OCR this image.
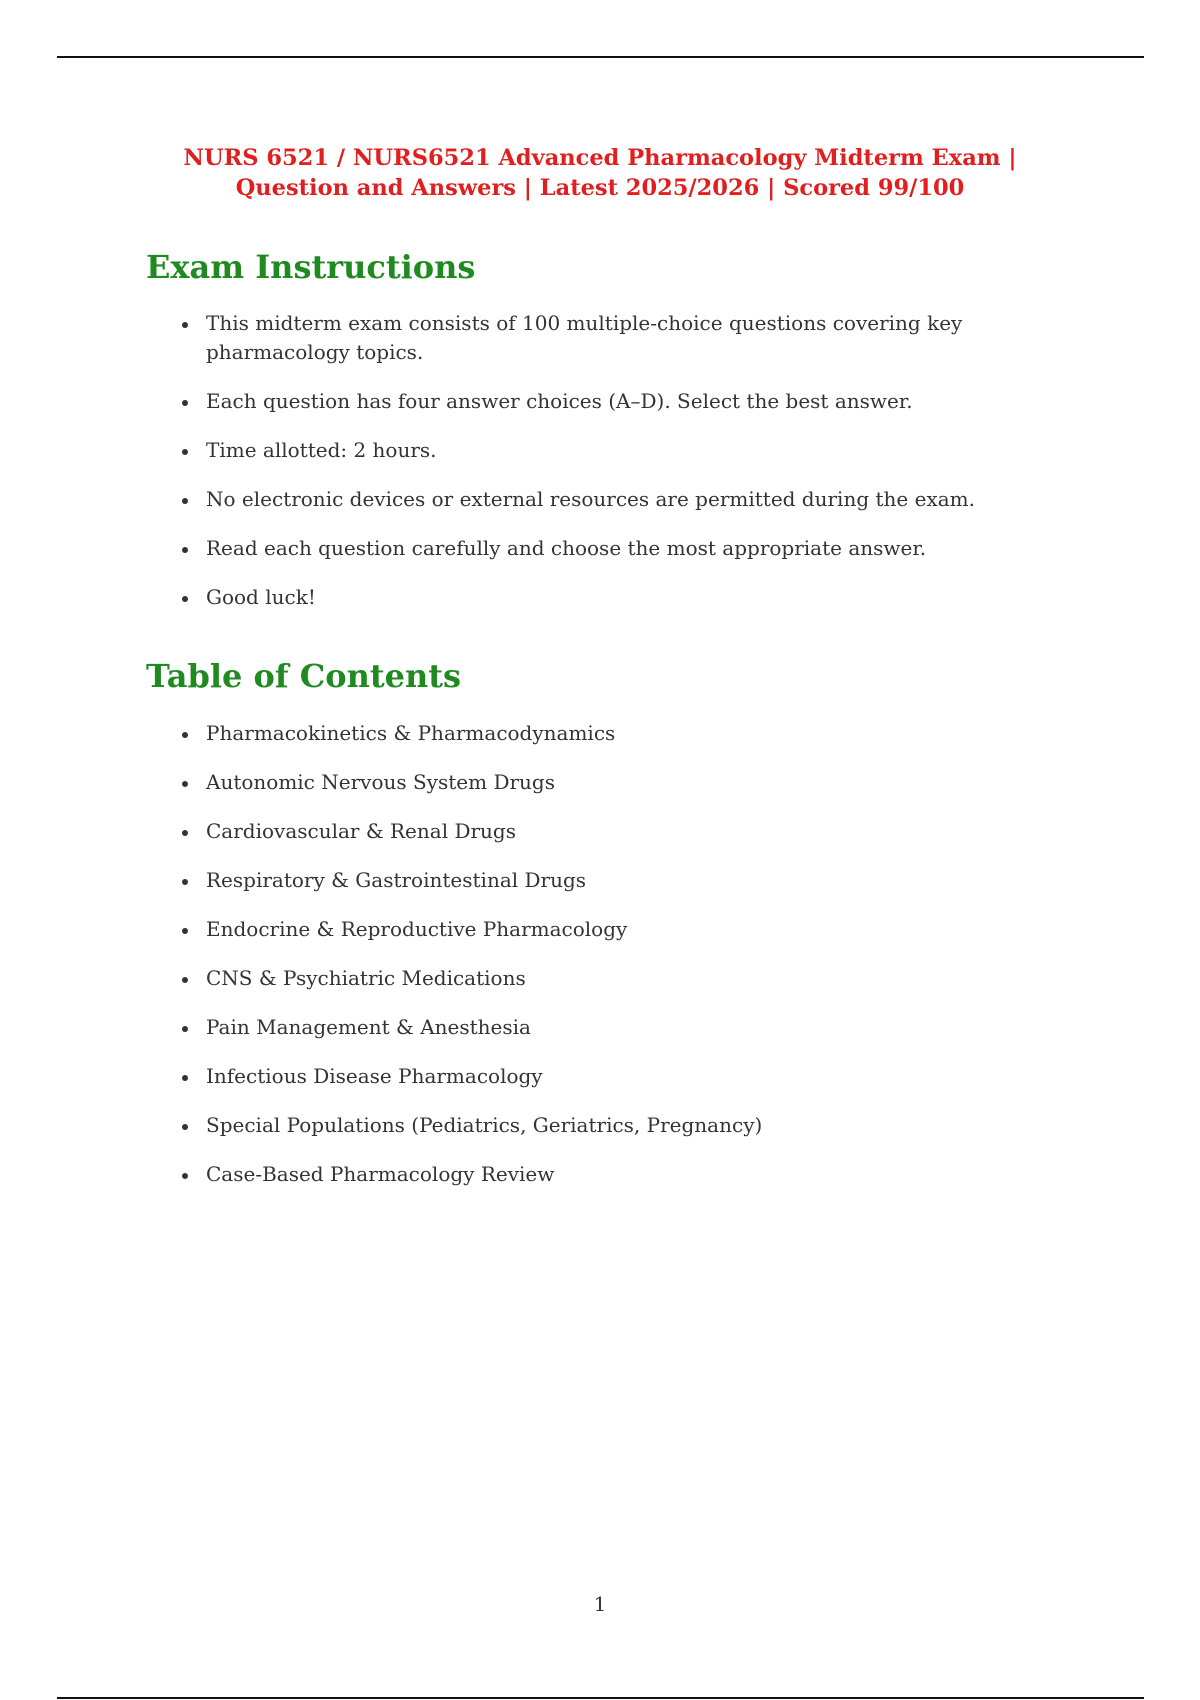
NURS 6521 / NURS6521 Advanced Pharmacology Midterm Exam |
Question and Answers | Latest 2025/2026 | Scored 99/100
Exam Instructions
This midterm exam consists of 100 multiple-choice questions covering key pharmacology topics.
Each question has four answer choices (A–D). Select the best answer.
Time allotted: 2 hours.
No electronic devices or external resources are permitted during the exam.
Read each question carefully and choose the most appropriate answer.
Good luck!
Table of Contents
Pharmacokinetics & Pharmacodynamics
Autonomic Nervous System Drugs
Cardiovascular & Renal Drugs
Respiratory & Gastrointestinal Drugs
Endocrine & Reproductive Pharmacology
CNS & Psychiatric Medications
Pain Management & Anesthesia
Infectious Disease Pharmacology
Special Populations (Pediatrics, Geriatrics, Pregnancy)
Case-Based Pharmacology Review
1
